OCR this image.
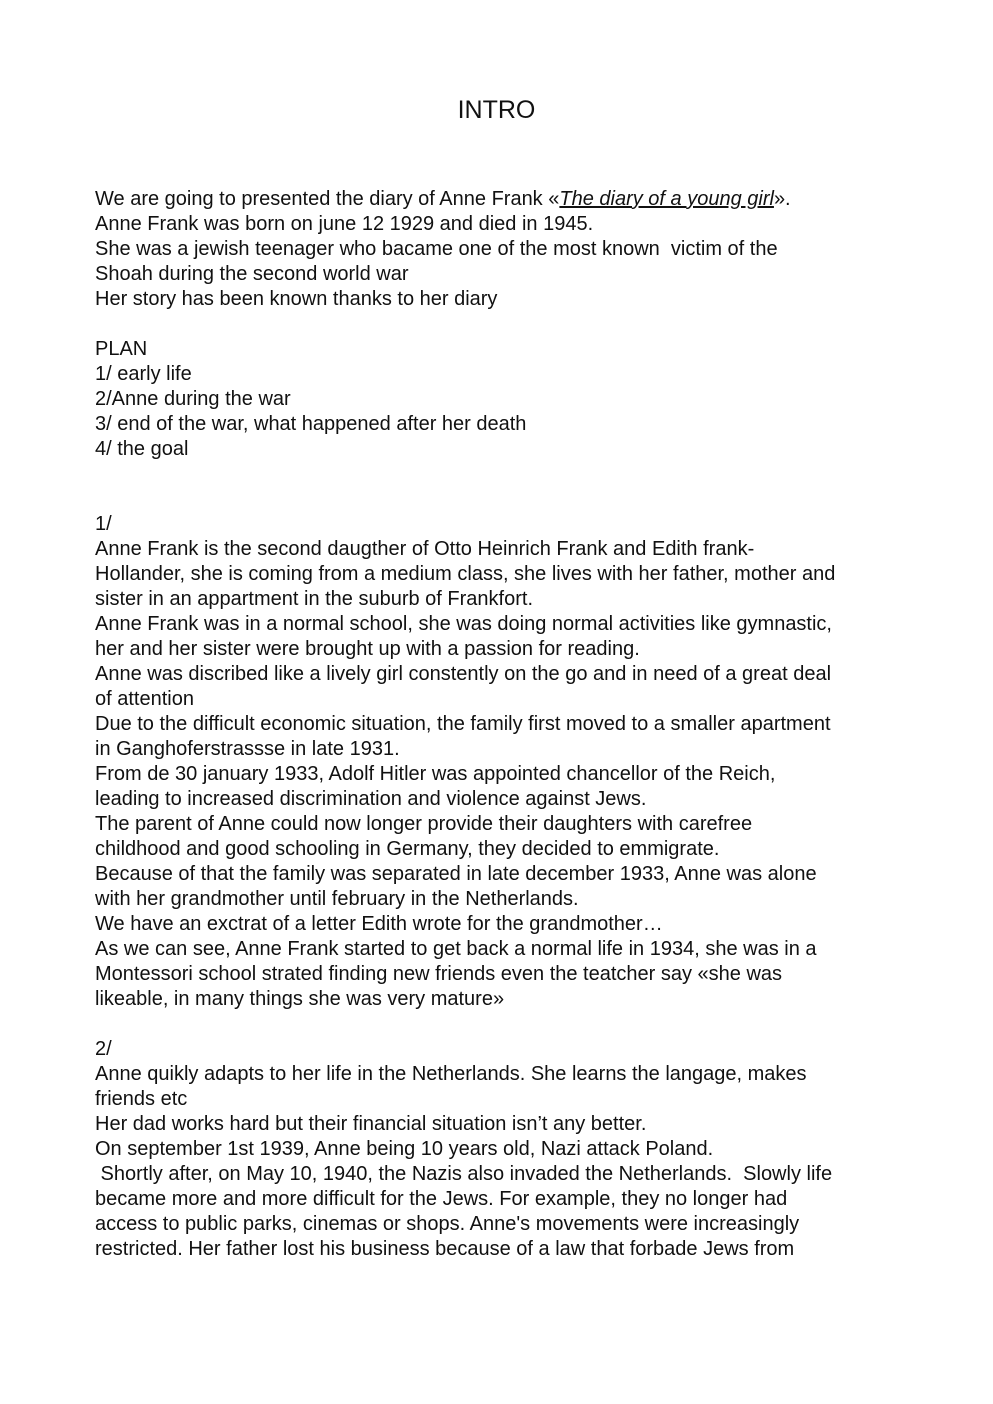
INTRO
We are going to presented the diary of Anne Frank «The diary of a young girl».
Anne Frank was born on june 12 1929 and died in 1945.
She was a jewish teenager who bacame one of the most known  victim of the
Shoah during the second world war
Her story has been known thanks to her diary
PLAN
1/ early life
2/Anne during the war
3/ end of the war, what happened after her death
4/ the goal
1/
Anne Frank is the second daugther of Otto Heinrich Frank and Edith frank-
Hollander, she is coming from a medium class, she lives with her father, mother and
sister in an appartment in the suburb of Frankfort.
Anne Frank was in a normal school, she was doing normal activities like gymnastic,
her and her sister were brought up with a passion for reading.
Anne was discribed like a lively girl constently on the go and in need of a great deal
of attention
Due to the difficult economic situation, the family first moved to a smaller apartment
in Ganghoferstrassse in late 1931.
From de 30 january 1933, Adolf Hitler was appointed chancellor of the Reich,
leading to increased discrimination and violence against Jews.
The parent of Anne could now longer provide their daughters with carefree
childhood and good schooling in Germany, they decided to emmigrate.
Because of that the family was separated in late december 1933, Anne was alone
with her grandmother until february in the Netherlands.
We have an exctrat of a letter Edith wrote for the grandmother…
As we can see, Anne Frank started to get back a normal life in 1934, she was in a
Montessori school strated finding new friends even the teatcher say «she was
likeable, in many things she was very mature»
2/
Anne quikly adapts to her life in the Netherlands. She learns the langage, makes
friends etc
Her dad works hard but their financial situation isn’t any better.
On september 1st 1939, Anne being 10 years old, Nazi attack Poland.
Shortly after, on May 10, 1940, the Nazis also invaded the Netherlands.  Slowly life
became more and more difficult for the Jews. For example, they no longer had
access to public parks, cinemas or shops. Anne's movements were increasingly
restricted. Her father lost his business because of a law that forbade Jews from
